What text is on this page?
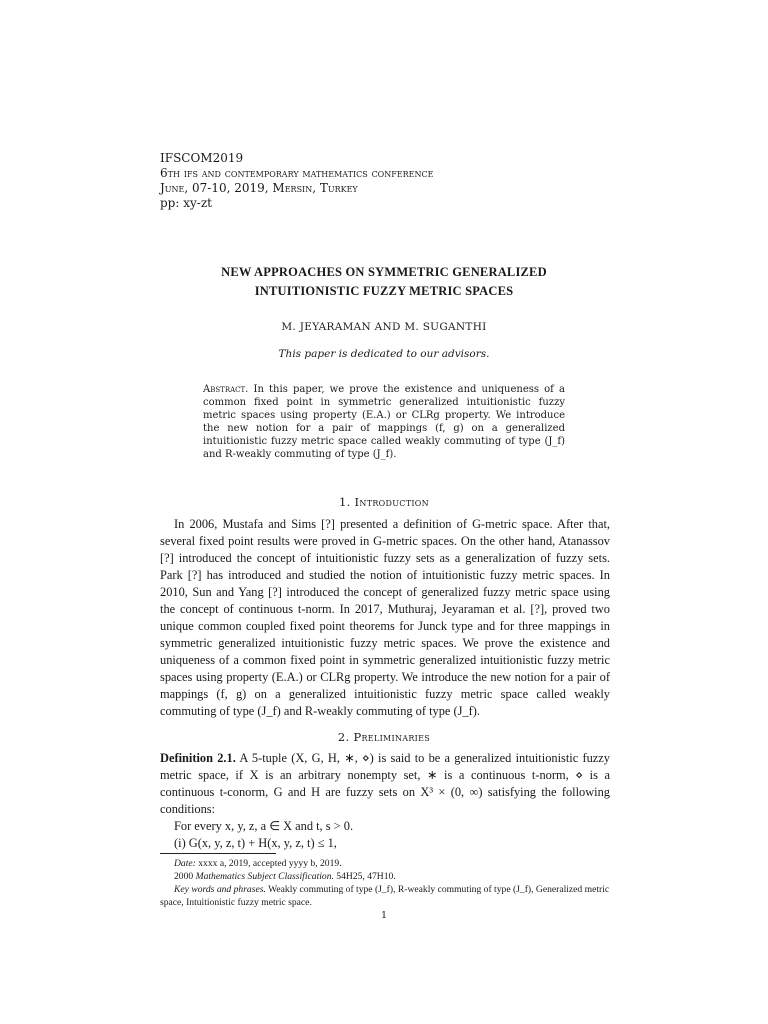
IFSCOM2019
6th ifs and contemporary mathematics conference
June, 07-10, 2019, Mersin, Turkey
pp: xy-zt
NEW APPROACHES ON SYMMETRIC GENERALIZED
INTUITIONISTIC FUZZY METRIC SPACES
M. JEYARAMAN AND M. SUGANTHI
This paper is dedicated to our advisors.
Abstract. In this paper, we prove the existence and uniqueness of a common fixed point in symmetric generalized intuitionistic fuzzy metric spaces using property (E.A.) or CLRg property. We introduce the new notion for a pair of mappings (f, g) on a generalized intuitionistic fuzzy metric space called weakly commuting of type (J_f) and R-weakly commuting of type (J_f).
1. Introduction

In 2006, Mustafa and Sims [?] presented a definition of G-metric space. After that, several fixed point results were proved in G-metric spaces. On the other hand, Atanassov [?] introduced the concept of intuitionistic fuzzy sets as a generalization of fuzzy sets. Park [?] has introduced and studied the notion of intuitionistic fuzzy metric spaces. In 2010, Sun and Yang [?] introduced the concept of generalized fuzzy metric space using the concept of continuous t-norm. In 2017, Muthuraj, Jeyaraman et al. [?], proved two unique common coupled fixed point theorems for Junck type and for three mappings in symmetric generalized intuitionistic fuzzy metric spaces. We prove the existence and uniqueness of a common fixed point in symmetric generalized intuitionistic fuzzy metric spaces using property (E.A.) or CLRg property. We introduce the new notion for a pair of mappings (f, g) on a generalized intuitionistic fuzzy metric space called weakly commuting of type (J_f) and R-weakly commuting of type (J_f).

2. Preliminaries

Definition 2.1. A 5-tuple (X, G, H, ∗, ⋄) is said to be a generalized intuitionistic fuzzy metric space, if X is an arbitrary nonempty set, ∗ is a continuous t-norm, ⋄ is a continuous t-conorm, G and H are fuzzy sets on X³ × (0, ∞) satisfying the following conditions:

For every x, y, z, a ∈ X and t, s > 0.

(i) G(x, y, z, t) + H(x, y, z, t) ≤ 1,

Date: xxxx a, 2019, accepted yyyy b, 2019.
2000 Mathematics Subject Classification. 54H25, 47H10.
Key words and phrases. Weakly commuting of type (J_f), R-weakly commuting of type (J_f), Generalized metric space, Intuitionistic fuzzy metric space.
1
